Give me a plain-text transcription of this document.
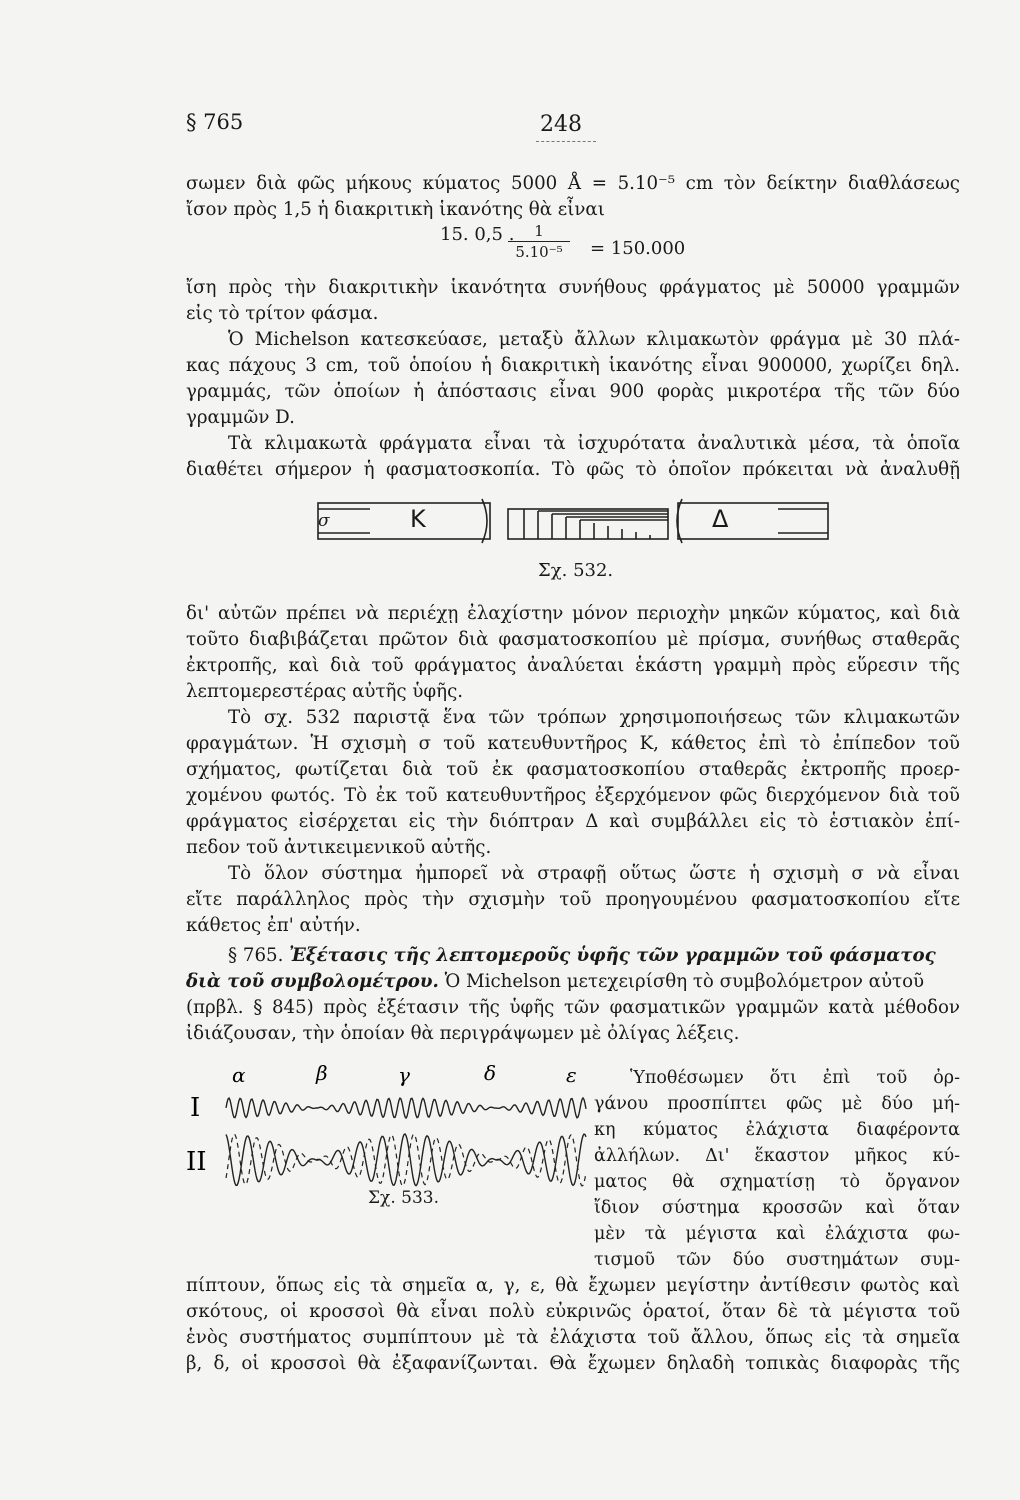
§ 765	248
σωμεν διὰ φῶς μήκους κύματος 5000 Å = 5.10⁻⁵ cm τὸν δείκτην διαθλάσεως
ἴσον πρὸς 1,5 ἡ διακριτικὴ ἱκανότης θὰ εἶναι
15. 0,5 .	1
5.10⁻⁵	= 150.000
ἴση πρὸς τὴν διακριτικὴν ἱκανότητα συνήθους φράγματος μὲ 50000 γραμμῶν
εἰς τὸ τρίτον φάσμα.
Ὁ Michelson κατεσκεύασε, μεταξὺ ἄλλων κλιμακωτὸν φράγμα μὲ 30 πλά-
κας πάχους 3 cm, τοῦ ὁποίου ἡ διακριτικὴ ἱκανότης εἶναι 900000, χωρίζει δηλ.
γραμμάς, τῶν ὁποίων ἡ ἀπόστασις εἶναι 900 φορὰς μικροτέρα τῆς τῶν δύο
γραμμῶν D.
Τὰ κλιμακωτὰ φράγματα εἶναι τὰ ἰσχυρότατα ἀναλυτικὰ μέσα, τὰ ὁποῖα
διαθέτει σήμερον ἡ φασματοσκοπία. Τὸ φῶς τὸ ὁποῖον πρόκειται νὰ ἀναλυθῇ
σ	K	Δ
Σχ. 532.
δι' αὐτῶν πρέπει νὰ περιέχῃ ἐλαχίστην μόνον περιοχὴν μηκῶν κύματος, καὶ διὰ
τοῦτο διαβιβάζεται πρῶτον διὰ φασματοσκοπίου μὲ πρίσμα, συνήθως σταθερᾶς
ἐκτροπῆς, καὶ διὰ τοῦ φράγματος ἀναλύεται ἑκάστη γραμμὴ πρὸς εὕρεσιν τῆς
λεπτομερεστέρας αὐτῆς ὑφῆς.
Τὸ σχ. 532 παριστᾷ ἕνα τῶν τρόπων χρησιμοποιήσεως τῶν κλιμακωτῶν
φραγμάτων. Ἡ σχισμὴ σ τοῦ κατευθυντῆρος K, κάθετος ἐπὶ τὸ ἐπίπεδον τοῦ
σχήματος, φωτίζεται διὰ τοῦ ἐκ φασματοσκοπίου σταθερᾶς ἐκτροπῆς προερ-
χομένου φωτός. Τὸ ἐκ τοῦ κατευθυντῆρος ἐξερχόμενον φῶς διερχόμενον διὰ τοῦ
φράγματος εἰσέρχεται εἰς τὴν διόπτραν Δ καὶ συμβάλλει εἰς τὸ ἑστιακὸν ἐπί-
πεδον τοῦ ἀντικειμενικοῦ αὐτῆς.
Τὸ ὅλον σύστημα ἠμπορεῖ νὰ στραφῇ οὕτως ὥστε ἡ σχισμὴ σ νὰ εἶναι
εἴτε παράλληλος πρὸς τὴν σχισμὴν τοῦ προηγουμένου φασματοσκοπίου εἴτε
κάθετος ἐπ' αὐτήν.
§ 765. Ἐξέτασις τῆς λεπτομεροῦς ὑφῆς τῶν γραμμῶν τοῦ φάσματος
διὰ τοῦ συμβολομέτρου. Ὁ Michelson μετεχειρίσθη τὸ συμβολόμετρον αὐτοῦ
(πρβλ. § 845) πρὸς ἐξέτασιν τῆς ὑφῆς τῶν φασματικῶν γραμμῶν κατὰ μέθοδον
ἰδιάζουσαν, τὴν ὁποίαν θὰ περιγράψωμεν μὲ ὀλίγας λέξεις.
Ὑποθέσωμεν ὅτι ἐπὶ τοῦ ὀρ-
γάνου προσπίπτει φῶς μὲ δύο μή-
κη κύματος ἐλάχιστα διαφέροντα
ἀλλήλων. Δι' ἕκαστον μῆκος κύ-
ματος θὰ σχηματίσῃ τὸ ὄργανον
ἴδιον σύστημα κροσσῶν καὶ ὅταν
μὲν τὰ μέγιστα καὶ ἐλάχιστα φω-
τισμοῦ τῶν δύο συστημάτων συμ-
α	β	γ	δ	ε
I
II
Σχ. 533.
πίπτουν, ὅπως εἰς τὰ σημεῖα α, γ, ε, θὰ ἔχωμεν μεγίστην ἀντίθεσιν φωτὸς καὶ
σκότους, οἱ κροσσοὶ θὰ εἶναι πολὺ εὐκρινῶς ὁρατοί, ὅταν δὲ τὰ μέγιστα τοῦ
ἑνὸς συστήματος συμπίπτουν μὲ τὰ ἐλάχιστα τοῦ ἄλλου, ὅπως εἰς τὰ σημεῖα
β, δ, οἱ κροσσοὶ θὰ ἐξαφανίζωνται. Θὰ ἔχωμεν δηλαδὴ τοπικὰς διαφορὰς τῆς
